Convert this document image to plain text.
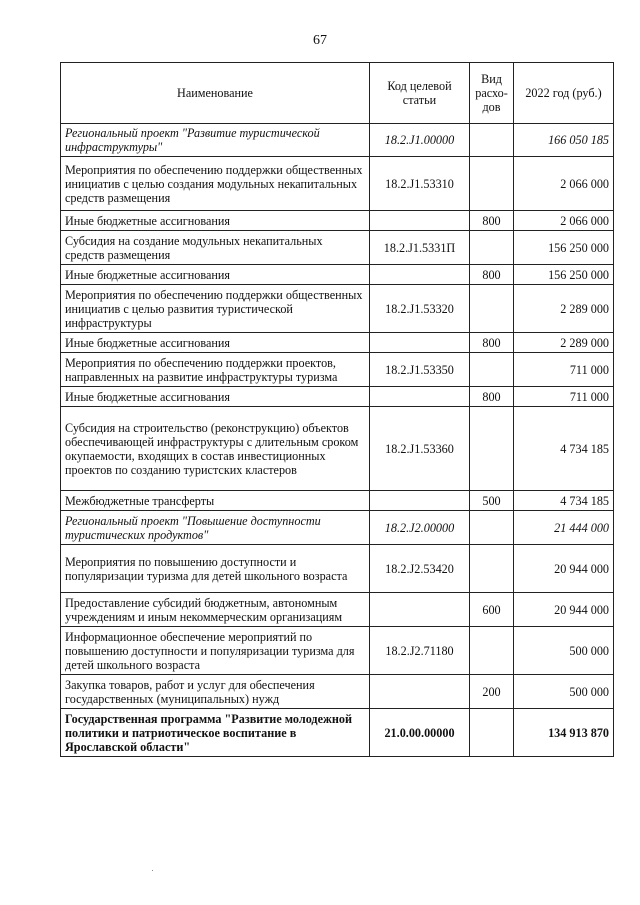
67
Наименование	Код целевой статьи	Вид расхо-дов	2022 год (руб.)
Региональный проект "Развитие туристической инфраструктуры"	18.2.J1.00000		166 050 185
Мероприятия по обеспечению поддержки общественных инициатив с целью создания модульных некапитальных средств размещения	18.2.J1.53310		2 066 000
Иные бюджетные ассигнования		800	2 066 000
Субсидия на создание модульных некапитальных средств размещения	18.2.J1.5331П		156 250 000
Иные бюджетные ассигнования		800	156 250 000
Мероприятия по обеспечению поддержки общественных инициатив с целью развития туристической инфраструктуры	18.2.J1.53320		2 289 000
Иные бюджетные ассигнования		800	2 289 000
Мероприятия по обеспечению поддержки проектов, направленных на развитие инфраструктуры туризма	18.2.J1.53350		711 000
Иные бюджетные ассигнования		800	711 000
Субсидия на строительство (реконструкцию) объектов обеспечивающей инфраструктуры с длительным сроком окупаемости, входящих в состав инвестиционных проектов по созданию туристских кластеров	18.2.J1.53360		4 734 185
Межбюджетные трансферты		500	4 734 185
Региональный проект "Повышение доступности туристических продуктов"	18.2.J2.00000		21 444 000
Мероприятия по повышению доступности и популяризации туризма для детей школьного возраста	18.2.J2.53420		20 944 000
Предоставление субсидий бюджетным, автономным учреждениям и иным некоммерческим организациям		600	20 944 000
Информационное обеспечение мероприятий по повышению доступности и популяризации туризма для детей школьного возраста	18.2.J2.71180		500 000
Закупка товаров, работ и услуг для обеспечения государственных (муниципальных) нужд		200	500 000
Государственная программа "Развитие молодежной политики и патриотическое воспитание в Ярославской области"	21.0.00.00000		134 913 870
